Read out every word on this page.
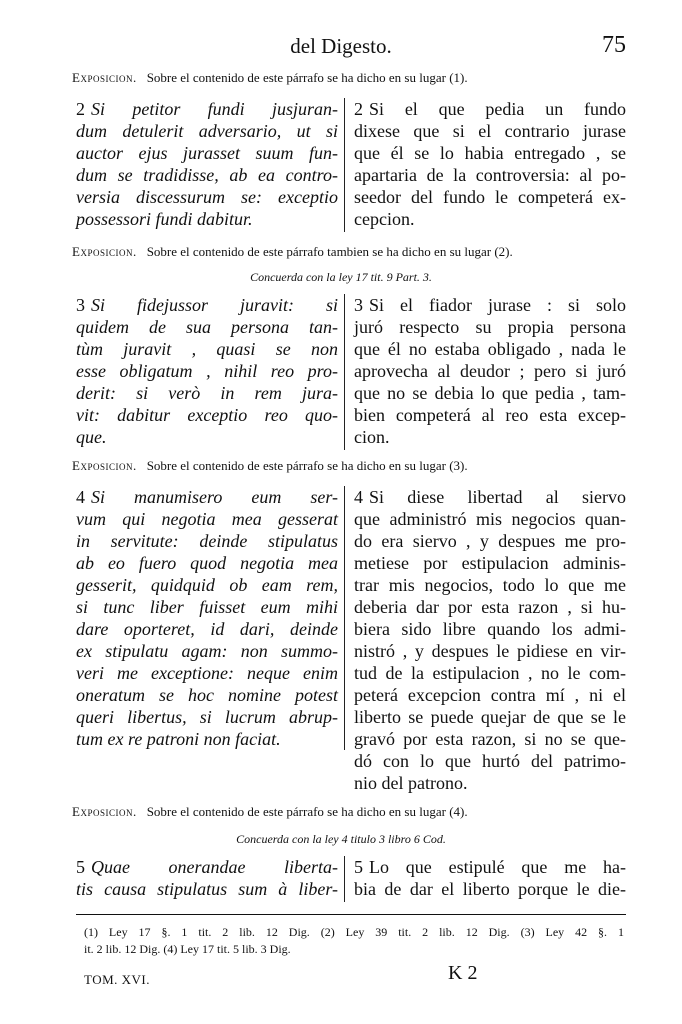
del Digesto.	75
Exposicion. Sobre el contenido de este párrafo se ha dicho en su lugar (1).
2 Si petitor fundi jusjuran-
dum detulerit adversario, ut si
auctor ejus jurasset suum fun-
dum se tradidisse, ab ea contro-
versia discessurum se: exceptio
possessori fundi dabitur.
2 Si el que pedia un fundo
dixese que si el contrario jurase
que él se lo habia entregado , se
apartaria de la controversia: al po-
seedor del fundo le competerá ex-
cepcion.
Exposicion. Sobre el contenido de este párrafo tambien se ha dicho en su lugar (2).
Concuerda con la ley 17 tit. 9 Part. 3.
3 Si fidejussor juravit: si
quidem de sua persona tan-
tùm juravit , quasi se non
esse obligatum , nihil reo pro-
derit: si verò in rem jura-
vit: dabitur exceptio reo quo-
que.
3 Si el fiador jurase : si solo
juró respecto su propia persona
que él no estaba obligado , nada le
aprovecha al deudor ; pero si juró
que no se debia lo que pedia , tam-
bien competerá al reo esta excep-
cion.
Exposicion. Sobre el contenido de este párrafo se ha dicho en su lugar (3).
4 Si manumisero eum ser-
vum qui negotia mea gesserat
in servitute: deinde stipulatus
ab eo fuero quod negotia mea
gesserit, quidquid ob eam rem,
si tunc liber fuisset eum mihi
dare oporteret, id dari, deinde
ex stipulatu agam: non summo-
veri me exceptione: neque enim
oneratum se hoc nomine potest
queri libertus, si lucrum abrup-
tum ex re patroni non faciat.
4 Si diese libertad al siervo
que administró mis negocios quan-
do era siervo , y despues me pro-
metiese por estipulacion adminis-
trar mis negocios, todo lo que me
deberia dar por esta razon , si hu-
biera sido libre quando los admi-
nistró , y despues le pidiese en vir-
tud de la estipulacion , no le com-
peterá excepcion contra mí , ni el
liberto se puede quejar de que se le
gravó por esta razon, si no se que-
dó con lo que hurtó del patrimo-
nio del patrono.
Exposicion. Sobre el contenido de este párrafo se ha dicho en su lugar (4).
Concuerda con la ley 4 titulo 3 libro 6 Cod.
5 Quae onerandae liberta-
tis causa stipulatus sum à liber-
5 Lo que estipulé que me ha-
bia de dar el liberto porque le die-
(1) Ley 17 §. 1 tit. 2 lib. 12 Dig. (2) Ley 39 tit. 2 lib. 12 Dig. (3) Ley 42 §. 1
it. 2 lib. 12 Dig. (4) Ley 17 tit. 5 lib. 3 Dig.
TOM. XVI.	K 2
